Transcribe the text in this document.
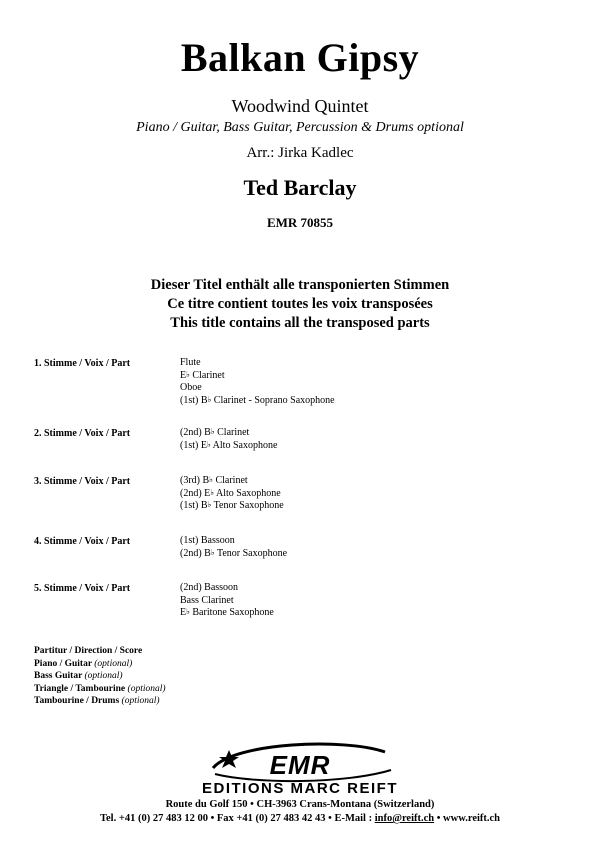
Balkan Gipsy
Woodwind Quintet
Piano / Guitar, Bass Guitar, Percussion & Drums optional
Arr.: Jirka Kadlec
Ted Barclay
EMR 70855
Dieser Titel enthält alle transponierten Stimmen
Ce titre contient toutes les voix transposées
This title contains all the transposed parts
1. Stimme / Voix / Part	Flute
E♭ Clarinet
Oboe
(1st) B♭ Clarinet - Soprano Saxophone
2. Stimme / Voix / Part	(2nd) B♭ Clarinet
(1st) E♭ Alto Saxophone
3. Stimme / Voix / Part	(3rd) B♭ Clarinet
(2nd) E♭ Alto Saxophone
(1st) B♭ Tenor Saxophone
4. Stimme / Voix / Part	(1st) Bassoon
(2nd) B♭ Tenor Saxophone
5. Stimme / Voix / Part	(2nd) Bassoon
Bass Clarinet
E♭ Baritone Saxophone
Partitur / Direction / Score
Piano / Guitar (optional)
Bass Guitar (optional)
Triangle / Tambourine (optional)
Tambourine / Drums (optional)
EMR
EDITIONS MARC REIFT
Route du Golf 150 • CH-3963 Crans-Montana (Switzerland)
Tel. +41 (0) 27 483 12 00 • Fax +41 (0) 27 483 42 43 • E-Mail : info@reift.ch • www.reift.ch
